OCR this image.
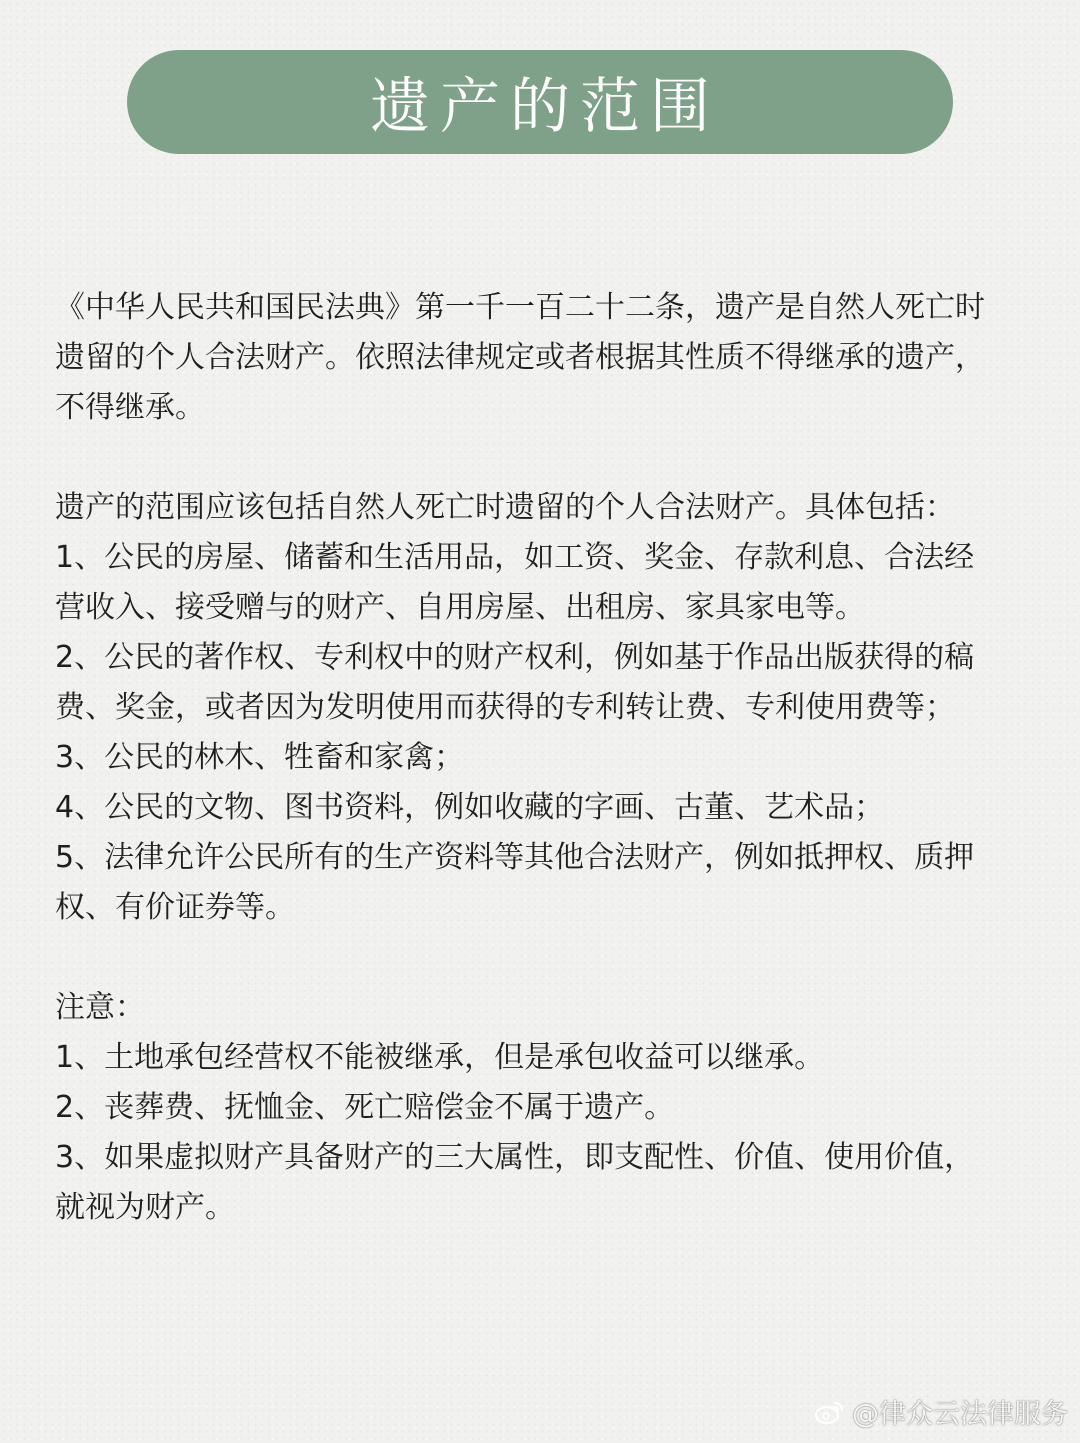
遗产的范围

《中华人民共和国民法典》第一千一百二十二条，遗产是自然人死亡时

遗留的个人合法财产。依照法律规定或者根据其性质不得继承的遗产，

不得继承。

遗产的范围应该包括自然人死亡时遗留的个人合法财产。具体包括：

1、公民的房屋、储蓄和生活用品，如工资、奖金、存款利息、合法经

营收入、接受赠与的财产、自用房屋、出租房、家具家电等。

2、公民的著作权、专利权中的财产权利，例如基于作品出版获得的稿

费、奖金，或者因为发明使用而获得的专利转让费、专利使用费等；

3、公民的林木、牲畜和家禽；

4、公民的文物、图书资料，例如收藏的字画、古董、艺术品；

5、法律允许公民所有的生产资料等其他合法财产，例如抵押权、质押

权、有价证券等。

注意：

1、土地承包经营权不能被继承，但是承包收益可以继承。

2、丧葬费、抚恤金、死亡赔偿金不属于遗产。

3、如果虚拟财产具备财产的三大属性，即支配性、价值、使用价值，

就视为财产。

@律众云法律服务
